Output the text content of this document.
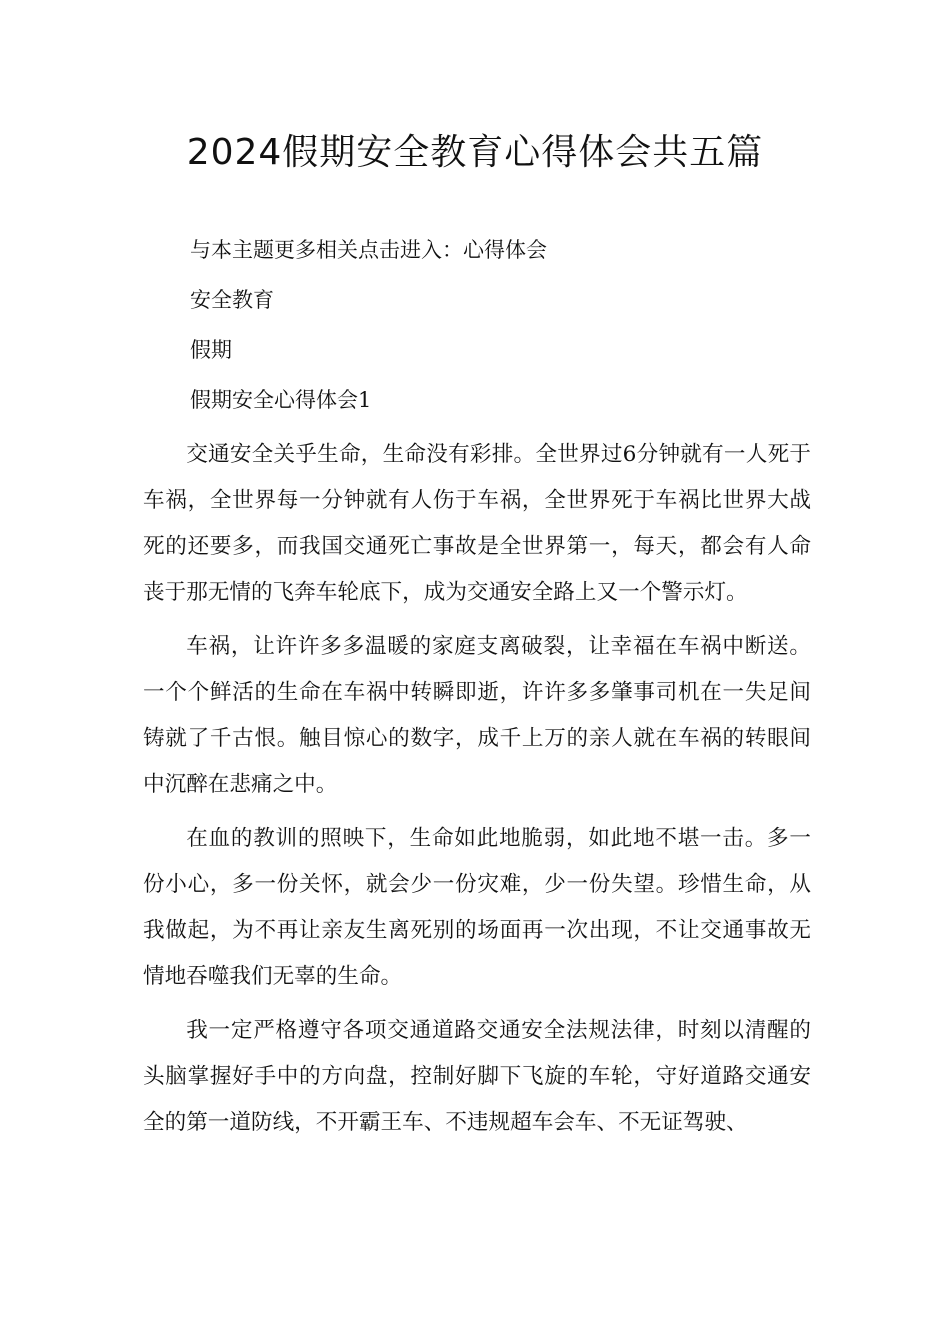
2024假期安全教育心得体会共五篇

与本主题更多相关点击进入：心得体会

安全教育

假期

假期安全心得体会1

交通安全关乎生命，生命没有彩排。全世界过6分钟就有一人死于车祸，全世界每一分钟就有人伤于车祸，全世界死于车祸比世界大战死的还要多，而我国交通死亡事故是全世界第一，每天，都会有人命丧于那无情的飞奔车轮底下，成为交通安全路上又一个警示灯。

车祸，让许许多多温暖的家庭支离破裂，让幸福在车祸中断送。一个个鲜活的生命在车祸中转瞬即逝，许许多多肇事司机在一失足间铸就了千古恨。触目惊心的数字，成千上万的亲人就在车祸的转眼间中沉醉在悲痛之中。

在血的教训的照映下，生命如此地脆弱，如此地不堪一击。多一份小心，多一份关怀，就会少一份灾难，少一份失望。珍惜生命，从我做起，为不再让亲友生离死别的场面再一次出现，不让交通事故无情地吞噬我们无辜的生命。

我一定严格遵守各项交通道路交通安全法规法律，时刻以清醒的头脑掌握好手中的方向盘，控制好脚下飞旋的车轮，守好道路交通安全的第一道防线，不开霸王车、不违规超车会车、不无证驾驶、
